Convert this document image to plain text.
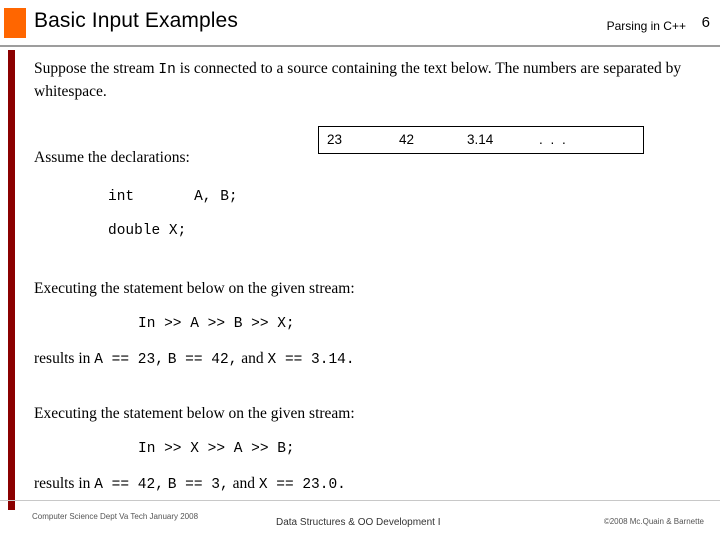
Basic Input Examples	Parsing in C++ 6

Suppose the stream In is connected to a source containing the text below. The numbers are separated by whitespace.

Assume the declarations:

int	A, B;

double X;

Executing the statement below on the given stream:

In >> A >> B >> X;

results in A == 23, B == 42, and X == 3.14.

Executing the statement below on the given stream:

In >> X >> A >> B;

results in A == 42, B == 3, and X == 23.0.

23	42	3.14	. . .
Computer Science Dept Va Tech January 2008
Data Structures & OO Development I	©2008 Mc.Quain & Barnette
